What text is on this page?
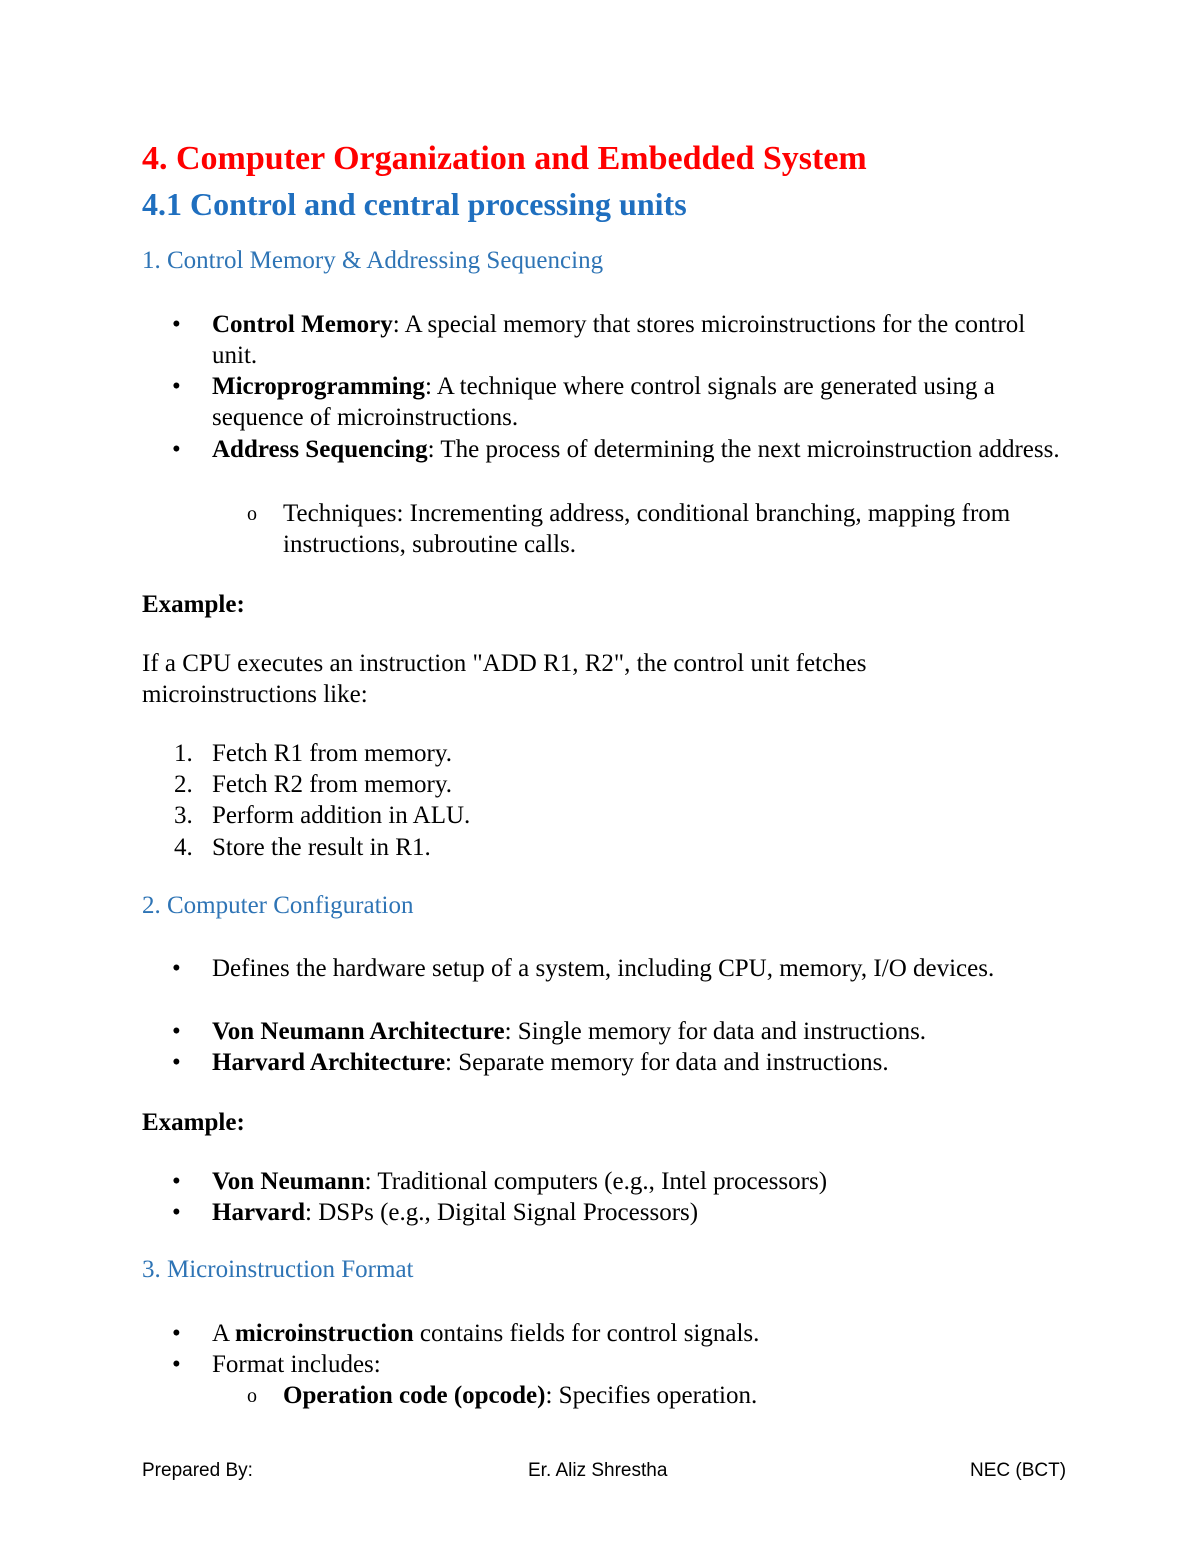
4. Computer Organization and Embedded System
4.1 Control and central processing units
1. Control Memory & Addressing Sequencing
• Control Memory: A special memory that stores microinstructions for the control unit.
• Microprogramming: A technique where control signals are generated using a sequence of microinstructions.
• Address Sequencing: The process of determining the next microinstruction address.
o Techniques: Incrementing address, conditional branching, mapping from instructions, subroutine calls.
Example:
If a CPU executes an instruction "ADD R1, R2", the control unit fetches microinstructions like:
1. Fetch R1 from memory.
2. Fetch R2 from memory.
3. Perform addition in ALU.
4. Store the result in R1.
2. Computer Configuration
• Defines the hardware setup of a system, including CPU, memory, I/O devices.
• Von Neumann Architecture: Single memory for data and instructions.
• Harvard Architecture: Separate memory for data and instructions.
Example:
• Von Neumann: Traditional computers (e.g., Intel processors)
• Harvard: DSPs (e.g., Digital Signal Processors)
3. Microinstruction Format
• A microinstruction contains fields for control signals.
• Format includes:
o Operation code (opcode): Specifies operation.
Prepared By:	Er. Aliz Shrestha	NEC (BCT)
